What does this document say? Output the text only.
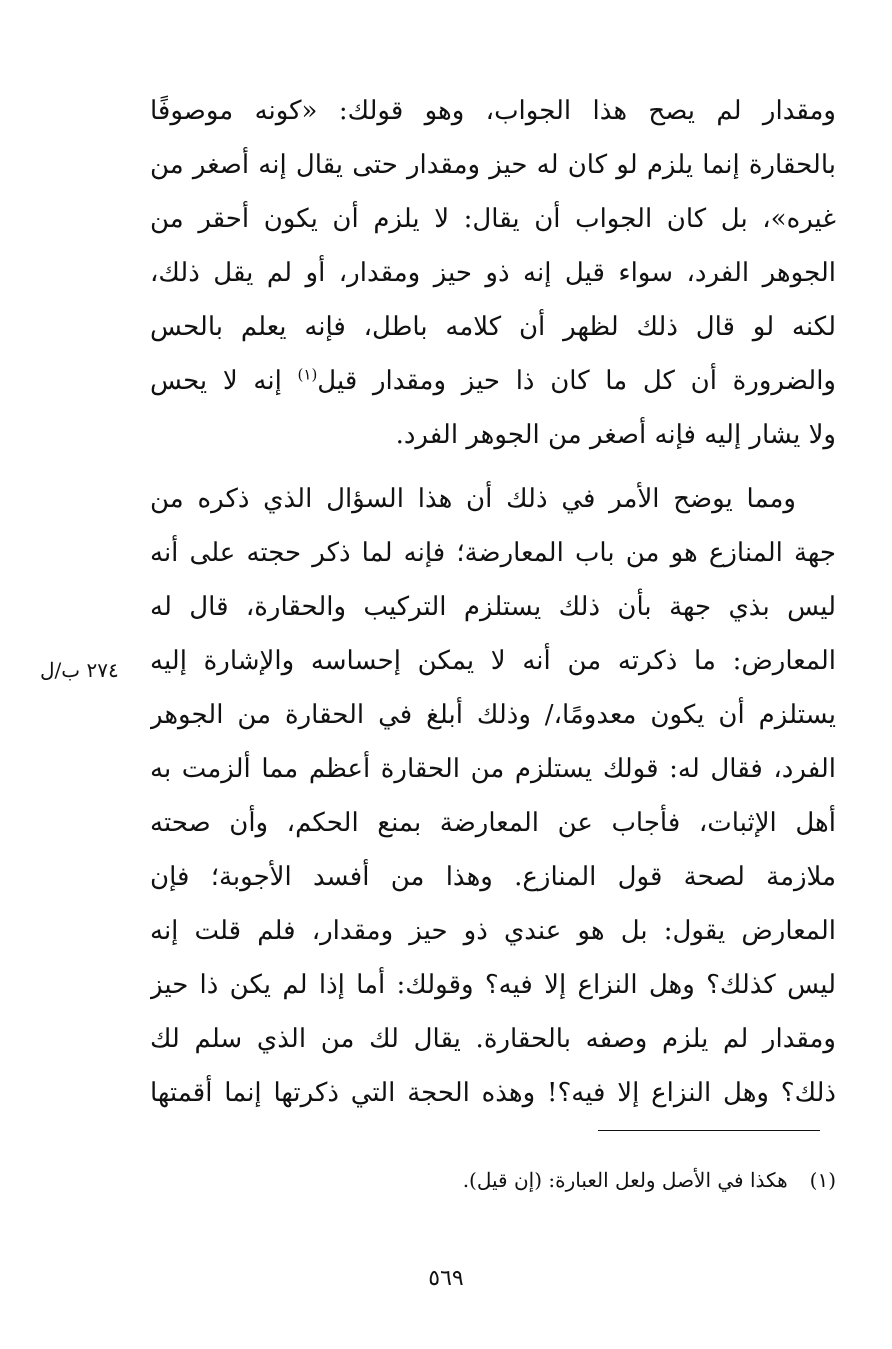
ومقدار لم يصح هذا الجواب، وهو قولك: «كونه موصوفًا
بالحقارة إنما يلزم لو كان له حيز ومقدار حتى يقال إنه أصغر من
غيره»، بل كان الجواب أن يقال: لا يلزم أن يكون أحقر من
الجوهر الفرد، سواء قيل إنه ذو حيز ومقدار، أو لم يقل ذلك،
لكنه لو قال ذلك لظهر أن كلامه باطل، فإنه يعلم بالحس
والضرورة أن كل ما كان ذا حيز ومقدار قيل$^{(١)}$ إنه لا يحس
ولا يشار إليه فإنه أصغر من الجوهر الفرد.
ومما يوضح الأمر في ذلك أن هذا السؤال الذي ذكره من
جهة المنازع هو من باب المعارضة؛ فإنه لما ذكر حجته على أنه
ليس بذي جهة بأن ذلك يستلزم التركيب والحقارة، قال له
المعارض: ما ذكرته من أنه لا يمكن إحساسه والإشارة إليه
يستلزم أن يكون معدومًا،/ وذلك أبلغ في الحقارة من الجوهر
الفرد، فقال له: قولك يستلزم من الحقارة أعظم مما ألزمت به
أهل الإثبات، فأجاب عن المعارضة بمنع الحكم، وأن صحته
ملازمة لصحة قول المنازع. وهذا من أفسد الأجوبة؛ فإن
المعارض يقول: بل هو عندي ذو حيز ومقدار، فلم قلت إنه
ليس كذلك؟ وهل النزاع إلا فيه؟ وقولك: أما إذا لم يكن ذا حيز
ومقدار لم يلزم وصفه بالحقارة. يقال لك من الذي سلم لك
ذلك؟ وهل النزاع إلا فيه؟! وهذه الحجة التي ذكرتها إنما أقمتها
٢٧٤ ب/ل
(١)هكذا في الأصل ولعل العبارة: (إن قيل).
٥٦٩
